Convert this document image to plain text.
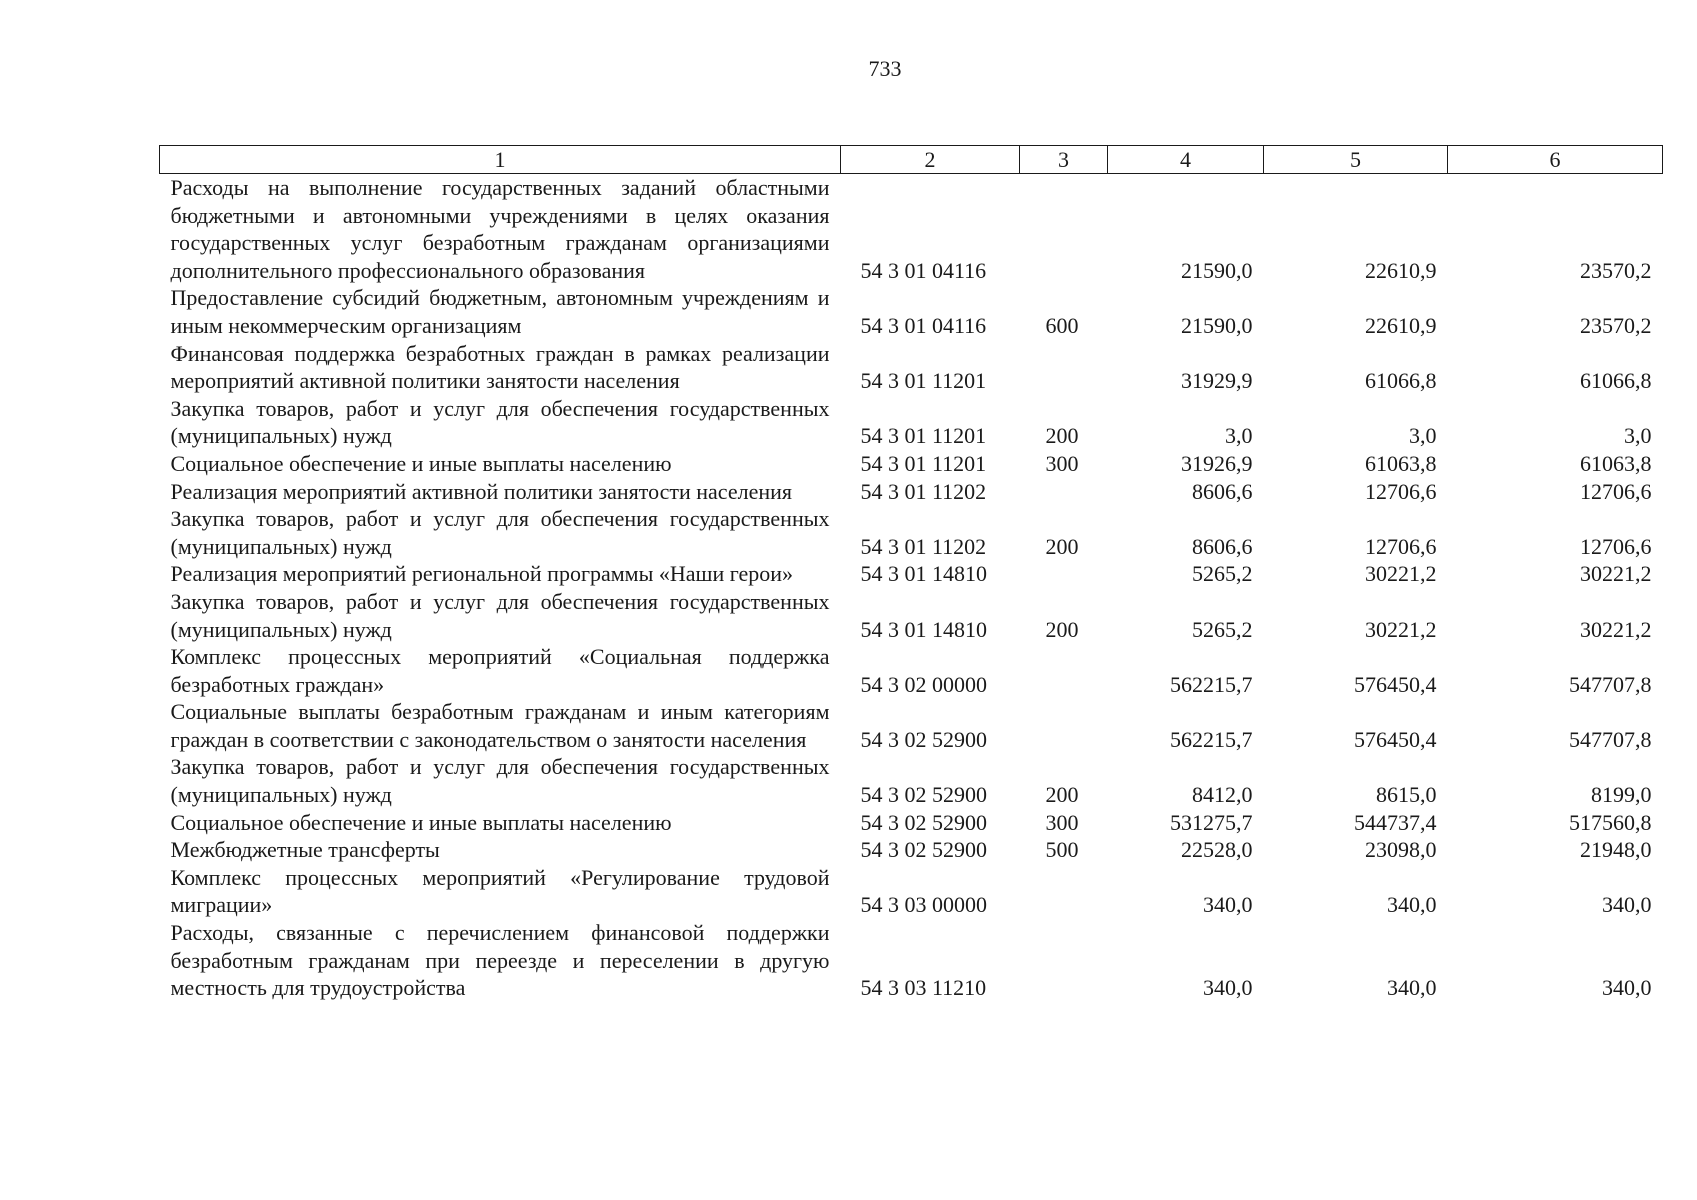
733
1	2	3	4	5	6
Расходы на выполнение государственных заданий областными бюджетными и автономными учреждениями в целях оказания государственных услуг безработным гражданам организациями дополнительного профессионального образования	54 3 01 04116		21590,0	22610,9	23570,2
Предоставление субсидий бюджетным, автономным учреждениям и иным некоммерческим организациям	54 3 01 04116	600	21590,0	22610,9	23570,2
Финансовая поддержка безработных граждан в рамках реализации мероприятий активной политики занятости населения	54 3 01 11201		31929,9	61066,8	61066,8
Закупка товаров, работ и услуг для обеспечения государственных (муниципальных) нужд	54 3 01 11201	200	3,0	3,0	3,0
Социальное обеспечение и иные выплаты населению	54 3 01 11201	300	31926,9	61063,8	61063,8
Реализация мероприятий активной политики занятости населения	54 3 01 11202		8606,6	12706,6	12706,6
Закупка товаров, работ и услуг для обеспечения государственных (муниципальных) нужд	54 3 01 11202	200	8606,6	12706,6	12706,6
Реализация мероприятий региональной программы «Наши герои»	54 3 01 14810		5265,2	30221,2	30221,2
Закупка товаров, работ и услуг для обеспечения государственных (муниципальных) нужд	54 3 01 14810	200	5265,2	30221,2	30221,2
Комплекс процессных мероприятий «Социальная поддержка безработных граждан»	54 3 02 00000		562215,7	576450,4	547707,8
Социальные выплаты безработным гражданам и иным категориям граждан в соответствии с законодательством о занятости населения	54 3 02 52900		562215,7	576450,4	547707,8
Закупка товаров, работ и услуг для обеспечения государственных (муниципальных) нужд	54 3 02 52900	200	8412,0	8615,0	8199,0
Социальное обеспечение и иные выплаты населению	54 3 02 52900	300	531275,7	544737,4	517560,8
Межбюджетные трансферты	54 3 02 52900	500	22528,0	23098,0	21948,0
Комплекс процессных мероприятий «Регулирование трудовой миграции»	54 3 03 00000		340,0	340,0	340,0
Расходы, связанные с перечислением финансовой поддержки безработным гражданам при переезде и переселении в другую местность для трудоустройства	54 3 03 11210		340,0	340,0	340,0
